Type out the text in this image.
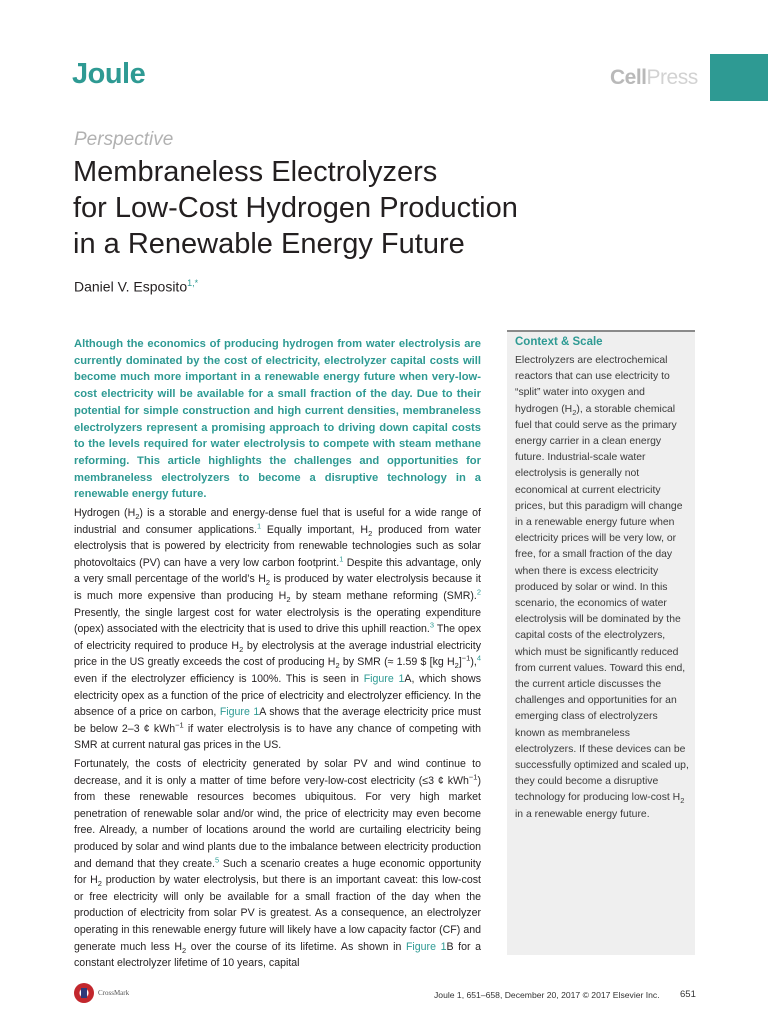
Joule	CellPress
Perspective
Membraneless Electrolyzers
for Low-Cost Hydrogen Production
in a Renewable Energy Future
Daniel V. Esposito$^{1,*}$

Although the economics of producing hydrogen from water electrolysis are currently dominated by the cost of electricity, electrolyzer capital costs will become much more important in a renewable energy future when very-low-cost electricity will be available for a small fraction of the day. Due to their potential for simple construction and high current densities, membraneless electrolyzers represent a promising approach to driving down capital costs to the levels required for water electrolysis to compete with steam methane reforming. This article highlights the challenges and opportunities for membraneless electrolyzers to become a disruptive technology in a renewable energy future.

Hydrogen $(H_2)$ is a storable and energy-dense fuel that is useful for a wide range of industrial and consumer applications.$^1$ Equally important, $H_2$ produced from water electrolysis that is powered by electricity from renewable technologies such as solar photovoltaics (PV) can have a very low carbon footprint.$^1$ Despite this advantage, only a very small percentage of the world’s $H_2$ is produced by water electrolysis because it is much more expensive than producing $H_2$ by steam methane reforming (SMR).$^2$ Presently, the single largest cost for water electrolysis is the operating expenditure (opex) associated with the electricity that is used to drive this uphill reaction.$^3$ The opex of electricity required to produce $H_2$ by electrolysis at the average industrial electricity price in the US greatly exceeds the cost of producing $H_2$ by SMR (≈ 1.59 $ [kg $H_2]^{-1}),^4$ even if the electrolyzer efficiency is 100%. This is seen in Figure 1A, which shows electricity opex as a function of the price of electricity and electrolyzer efficiency. In the absence of a price on carbon, Figure 1A shows that the average electricity price must be below 2–3 ¢ kWh$^{-1}$ if water electrolysis is to have any chance of competing with SMR at current natural gas prices in the US.

Fortunately, the costs of electricity generated by solar PV and wind continue to decrease, and it is only a matter of time before very-low-cost electricity (≤3 ¢ kWh$^{-1}$) from these renewable resources becomes ubiquitous. For very high market penetration of renewable solar and/or wind, the price of electricity may even become free. Already, a number of locations around the world are curtailing electricity being produced by solar and wind plants due to the imbalance between electricity production and demand that they create.$^5$ Such a scenario creates a huge economic opportunity for $H_2$ production by water electrolysis, but there is an important caveat: this low-cost or free electricity will only be available for a small fraction of the day when the production of electricity from solar PV is greatest. As a consequence, an electrolyzer operating in this renewable energy future will likely have a low capacity factor (CF) and generate much less $H_2$ over the course of its lifetime. As shown in Figure 1B for a constant electrolyzer lifetime of 10 years, capital

Context & Scale

Electrolyzers are electrochemical reactors that can use electricity to “split” water into oxygen and hydrogen $(H_2)$, a storable chemical fuel that could serve as the primary energy carrier in a clean energy future. Industrial-scale water electrolysis is generally not economical at current electricity prices, but this paradigm will change in a renewable energy future when electricity prices will be very low, or free, for a small fraction of the day when there is excess electricity produced by solar or wind. In this scenario, the economics of water electrolysis will be dominated by the capital costs of the electrolyzers, which must be significantly reduced from current values. Toward this end, the current article discusses the challenges and opportunities for an emerging class of electrolyzers known as membraneless electrolyzers. If these devices can be successfully optimized and scaled up, they could become a disruptive technology for producing low-cost $H_2$ in a renewable energy future.

CrossMark	Joule 1, 651–658, December 20, 2017 © 2017 Elsevier Inc. 651
